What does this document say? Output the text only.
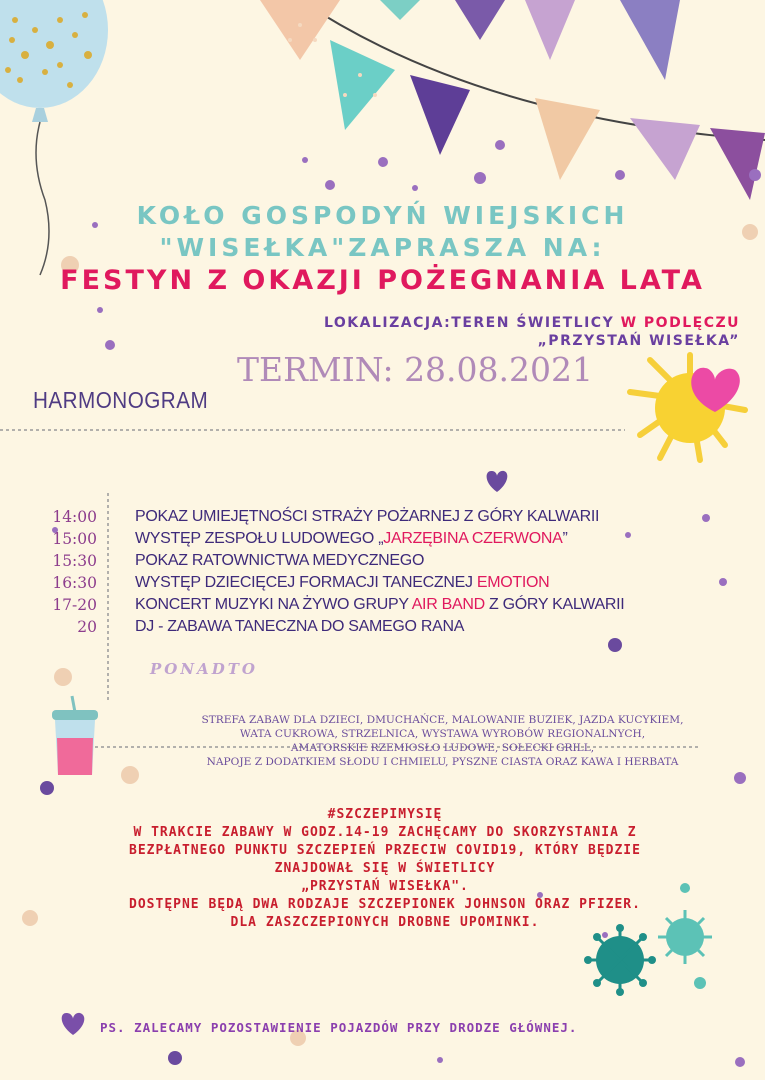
KOŁO GOSPODYŃ WIEJSKICH
"WISEŁKA"ZAPRASZA NA:
FESTYN Z OKAZJI POŻEGNANIA LATA
LOKALIZACJA:TEREN ŚWIETLICY W PODLĘCZU
„PRZYSTAŃ WISEŁKA”
TERMIN: 28.08.2021
HARMONOGRAM
14:00 POKAZ UMIEJĘTNOŚCI STRAŻY POŻARNEJ Z GÓRY KALWARII
15:00 WYSTĘP ZESPOŁU LUDOWEGO „JARZĘBINA CZERWONA”
15:30 POKAZ RATOWNICTWA MEDYCZNEGO
16:30 WYSTĘP DZIECIĘCEJ FORMACJI TANECZNEJ EMOTION
17-20 KONCERT MUZYKI NA ŻYWO GRUPY AIR BAND Z GÓRY KALWARII
20 DJ - ZABAWA TANECZNA DO SAMEGO RANA
PONADTO
STREFA ZABAW DLA DZIECI, DMUCHAŃCE, MALOWANIE BUZIEK, JAZDA KUCYKIEM,
WATA CUKROWA, STRZELNICA, WYSTAWA WYROBÓW REGIONALNYCH,
AMATORSKIE RZEMIOSŁO LUDOWE, SOŁECKI GRILL,
NAPOJE Z DODATKIEM SŁODU I CHMIELU, PYSZNE CIASTA ORAZ KAWA I HERBATA
#SZCZEPIMYSIĘ
W TRAKCIE ZABAWY W GODZ.14-19 ZACHĘCAMY DO SKORZYSTANIA Z
BEZPŁATNEGO PUNKTU SZCZEPIEŃ PRZECIW COVID19, KTÓRY BĘDZIE
ZNAJDOWAŁ SIĘ W ŚWIETLICY
„PRZYSTAŃ WISEŁKA".
DOSTĘPNE BĘDĄ DWA RODZAJE SZCZEPIONEK JOHNSON ORAZ PFIZER.
DLA ZASZCZEPIONYCH DROBNE UPOMINKI.
PS. ZALECAMY POZOSTAWIENIE POJAZDÓW PRZY DRODZE GŁÓWNEJ.
